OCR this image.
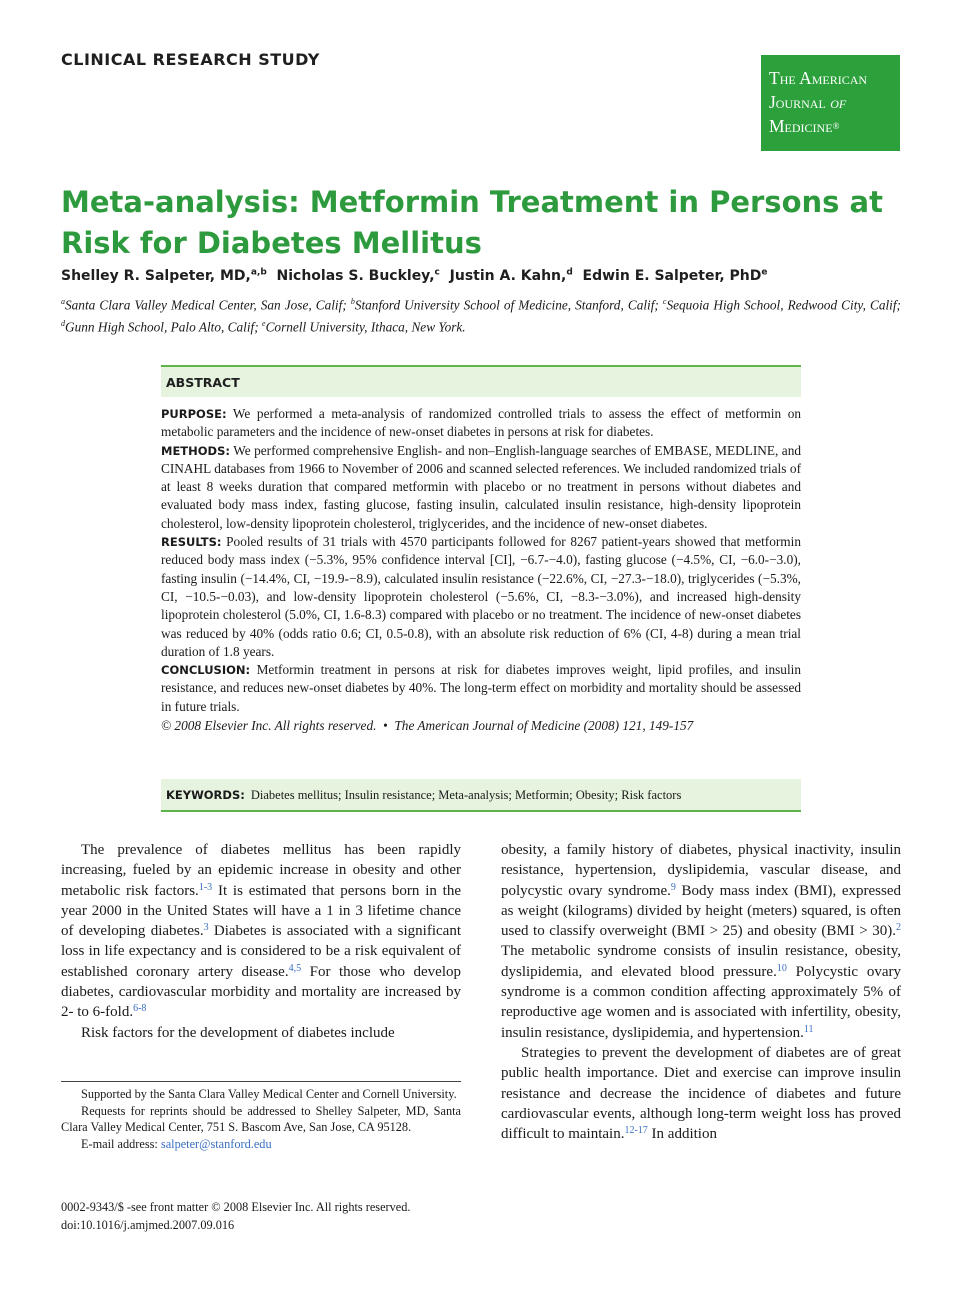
CLINICAL RESEARCH STUDY
The American
Journal of
Medicine®
Meta-analysis: Metformin Treatment in Persons at Risk for Diabetes Mellitus
Shelley R. Salpeter, MD,$^{a,b}$ Nicholas S. Buckley,$^c$ Justin A. Kahn,$^d$ Edwin E. Salpeter, PhD$^e$
$^a$Santa Clara Valley Medical Center, San Jose, Calif; $^b$Stanford University School of Medicine, Stanford, Calif; $^c$Sequoia High School, Redwood City, Calif; $^d$Gunn High School, Palo Alto, Calif; $^e$Cornell University, Ithaca, New York.
ABSTRACT

PURPOSE: We performed a meta-analysis of randomized controlled trials to assess the effect of metformin on metabolic parameters and the incidence of new-onset diabetes in persons at risk for diabetes.

METHODS: We performed comprehensive English- and non–English-language searches of EMBASE, MEDLINE, and CINAHL databases from 1966 to November of 2006 and scanned selected references. We included randomized trials of at least 8 weeks duration that compared metformin with placebo or no treatment in persons without diabetes and evaluated body mass index, fasting glucose, fasting insulin, calculated insulin resistance, high-density lipoprotein cholesterol, low-density lipoprotein cholesterol, triglycerides, and the incidence of new-onset diabetes.

RESULTS: Pooled results of 31 trials with 4570 participants followed for 8267 patient-years showed that metformin reduced body mass index (−5.3%, 95% confidence interval [CI], −6.7-−4.0), fasting glucose (−4.5%, CI, −6.0-−3.0), fasting insulin (−14.4%, CI, −19.9-−8.9), calculated insulin resistance (−22.6%, CI, −27.3-−18.0), triglycerides (−5.3%, CI, −10.5-−0.03), and low-density lipoprotein cholesterol (−5.6%, CI, −8.3-−3.0%), and increased high-density lipoprotein cholesterol (5.0%, CI, 1.6-8.3) compared with placebo or no treatment. The incidence of new-onset diabetes was reduced by 40% (odds ratio 0.6; CI, 0.5-0.8), with an absolute risk reduction of 6% (CI, 4-8) during a mean trial duration of 1.8 years.

CONCLUSION: Metformin treatment in persons at risk for diabetes improves weight, lipid profiles, and insulin resistance, and reduces new-onset diabetes by 40%. The long-term effect on morbidity and mortality should be assessed in future trials.

© 2008 Elsevier Inc. All rights reserved. • The American Journal of Medicine (2008) 121, 149-157

KEYWORDS: Diabetes mellitus; Insulin resistance; Meta-analysis; Metformin; Obesity; Risk factors

The prevalence of diabetes mellitus has been rapidly increasing, fueled by an epidemic increase in obesity and other metabolic risk factors.$^{1-3}$ It is estimated that persons born in the year 2000 in the United States will have a 1 in 3 lifetime chance of developing diabetes.$^3$ Diabetes is associated with a significant loss in life expectancy and is considered to be a risk equivalent of established coronary artery disease.$^{4,5}$ For those who develop diabetes, cardiovascular morbidity and mortality are increased by 2- to 6-fold.$^{6-8}$

Risk factors for the development of diabetes include

obesity, a family history of diabetes, physical inactivity, insulin resistance, hypertension, dyslipidemia, vascular disease, and polycystic ovary syndrome.$^9$ Body mass index (BMI), expressed as weight (kilograms) divided by height (meters) squared, is often used to classify overweight (BMI > 25) and obesity (BMI > 30).$^2$ The metabolic syndrome consists of insulin resistance, obesity, dyslipidemia, and elevated blood pressure.$^{10}$ Polycystic ovary syndrome is a common condition affecting approximately 5% of reproductive age women and is associated with infertility, obesity, insulin resistance, dyslipidemia, and hypertension.$^{11}$

Strategies to prevent the development of diabetes are of great public health importance. Diet and exercise can improve insulin resistance and decrease the incidence of diabetes and future cardiovascular events, although long-term weight loss has proved difficult to maintain.$^{12-17}$ In addition

Supported by the Santa Clara Valley Medical Center and Cornell University.

Requests for reprints should be addressed to Shelley Salpeter, MD, Santa Clara Valley Medical Center, 751 S. Bascom Ave, San Jose, CA 95128.

E-mail address: salpeter@stanford.edu

0002-9343/$ -see front matter © 2008 Elsevier Inc. All rights reserved.
doi:10.1016/j.amjmed.2007.09.016
